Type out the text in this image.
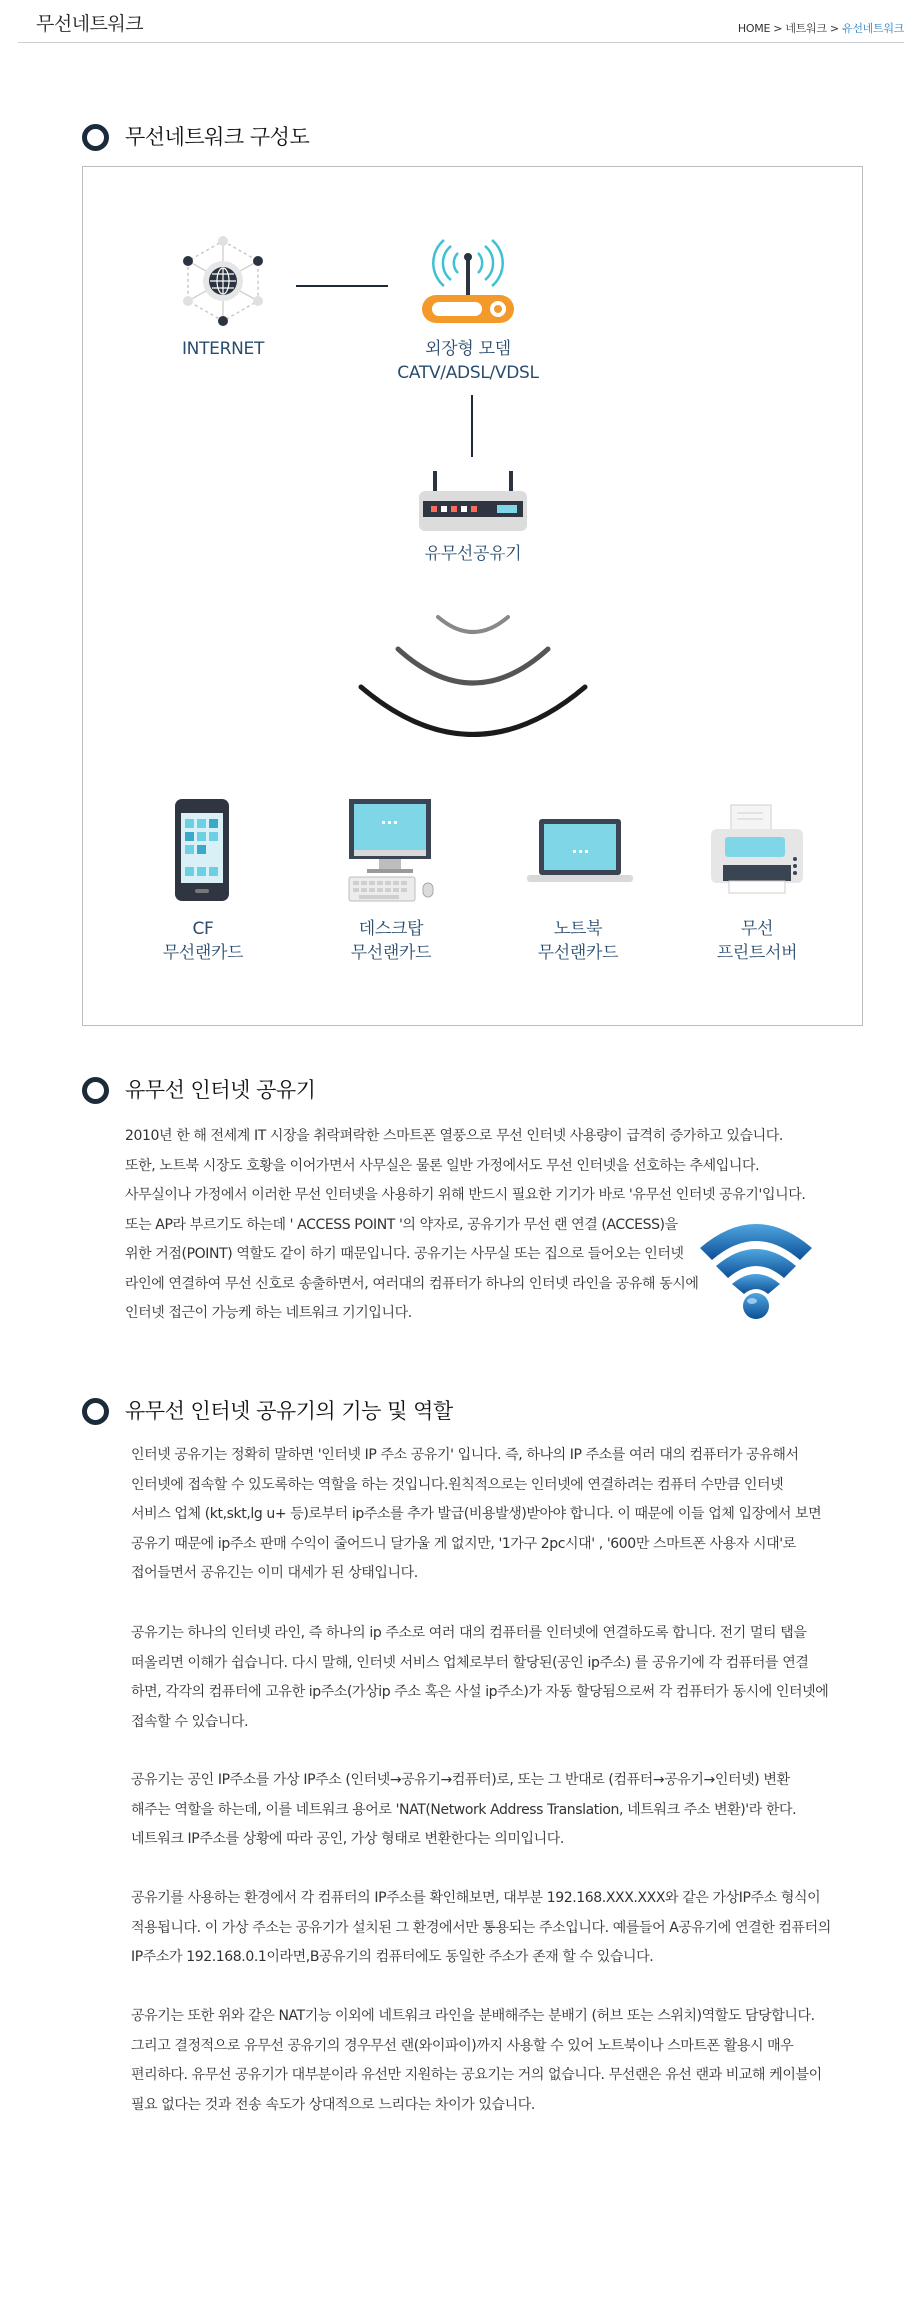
무선네트워크	HOME > 네트워크 > 유선네트워크
무선네트워크 구성도
INTERNET	외장형 모뎀
CATV/ADSL/VDSL
유무선공유기
CF
무선랜카드
데스크탑
무선랜카드
노트북
무선랜카드
무선
프린트서버
유무선 인터넷 공유기
2010년 한 해 전세계 IT 시장을 취락펴락한 스마트폰 열풍으로 무선 인터넷 사용량이 급격히 증가하고 있습니다.
또한, 노트북 시장도 호황을 이어가면서 사무실은 물론 일반 가정에서도 무선 인터넷을 선호하는 추세입니다.
사무실이나 가정에서 이러한 무선 인터넷을 사용하기 위해 반드시 필요한 기기가 바로 '유무선 인터넷 공유기'입니다.
또는 AP라 부르기도 하는데 ' ACCESS POINT '의 약자로, 공유기가 무선 랜 연결 (ACCESS)을
위한 거점(POINT) 역할도 같이 하기 때문입니다. 공유기는 사무실 또는 집으로 들어오는 인터넷
라인에 연결하여 무선 신호로 송출하면서, 여러대의 컴퓨터가 하나의 인터넷 라인을 공유해 동시에
인터넷 접근이 가능케 하는 네트워크 기기입니다.
유무선 인터넷 공유기의 기능 및 역할
인터넷 공유기는 정확히 말하면 '인터넷 IP 주소 공유기' 입니다. 즉, 하나의 IP 주소를 여러 대의 컴퓨터가 공유해서
인터넷에 접속할 수 있도록하는 역할을 하는 것입니다.원칙적으로는 인터넷에 연결하려는 컴퓨터 수만큼 인터넷
서비스 업체 (kt,skt,lg u+ 등)로부터 ip주소를 추가 발급(비용발생)받아야 합니다. 이 때문에 이들 업체 입장에서 보면
공유기 때문에 ip주소 판매 수익이 줄어드니 달가울 게 없지만, '1가구 2pc시대' , '600만 스마트폰 사용자 시대'로
접어들면서 공유긴는 이미 대세가 된 상태입니다.
공유기는 하나의 인터넷 라인, 즉 하나의 ip 주소로 여러 대의 컴퓨터를 인터넷에 연결하도록 합니다. 전기 멀티 탭을
떠올리면 이해가 쉽습니다. 다시 말해, 인터넷 서비스 업체로부터 할당된(공인 ip주소) 를 공유기에 각 컴퓨터를 연결
하면, 각각의 컴퓨터에 고유한 ip주소(가상ip 주소 혹은 사설 ip주소)가 자동 할당됨으로써 각 컴퓨터가 동시에 인터넷에
접속할 수 있습니다.
공유기는 공인 IP주소를 가상 IP주소 (인터넷→공유기→컴퓨터)로, 또는 그 반대로 (컴퓨터→공유기→인터넷) 변환
해주는 역할을 하는데, 이를 네트워크 용어로 'NAT(Network Address Translation, 네트워크 주소 변환)'라 한다.
네트워크 IP주소를 상황에 따라 공인, 가상 형태로 변환한다는 의미입니다.
공유기를 사용하는 환경에서 각 컴퓨터의 IP주소를 확인해보면, 대부분 192.168.XXX.XXX와 같은 가상IP주소 형식이
적용됩니다. 이 가상 주소는 공유기가 설치된 그 환경에서만 통용되는 주소입니다. 예를들어 A공유기에 연결한 컴퓨터의
IP주소가 192.168.0.1이라면,B공유기의 컴퓨터에도 동일한 주소가 존재 할 수 있습니다.
공유기는 또한 위와 같은 NAT기능 이외에 네트워크 라인을 분배해주는 분배기 (허브 또는 스위치)역할도 담당합니다.
그리고 결정적으로 유무선 공유기의 경우무선 랜(와이파이)까지 사용할 수 있어 노트북이나 스마트폰 활용시 매우
편리하다. 유무선 공유기가 대부분이라 유선만 지원하는 공요기는 거의 없습니다. 무선랜은 유선 랜과 비교해 케이블이
필요 없다는 것과 전송 속도가 상대적으로 느리다는 차이가 있습니다.
